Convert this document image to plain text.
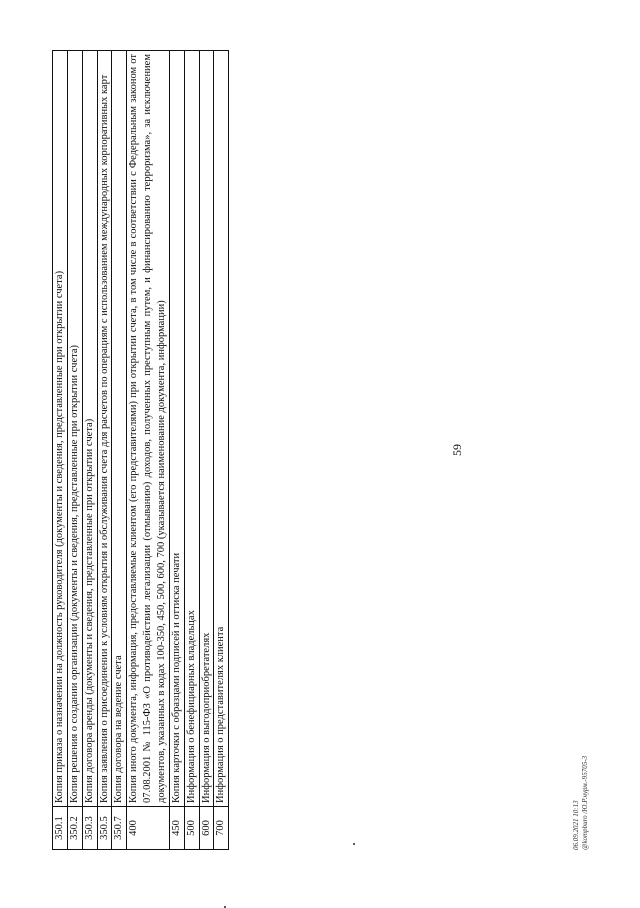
59
350.1	Копия приказа о назначении на должность руководителя (документы и сведения, представленные при открытии счета)
350.2	Копия решения о создании организации (документы и сведения, представленные при открытии счета)
350.3	Копия договора аренды (документы и сведения, представленные при открытии счета)
350.5	Копия заявления о присоединении к условиям открытия и обслуживания счета для расчетов по операциям с использованием международных корпоративных карт
350.7	Копия договора на ведение счета
400	Копия иного документа, информация, предоставляемые клиентом (его представителями) при открытии счета, в том числе в соответствии с Федеральным законом от 07.08.2001 № 115-ФЗ «О противодействии легализации (отмыванию) доходов, полученных преступным путем, и финансированию терроризма», за исключением документов, указанных в кодах 100-350, 450, 500, 600, 700 (указывается наименование документа, информации)
450	Копия карточки с образцами подписей и оттиска печати
500	Информация о бенефициарных владельцах
600	Информация о выгодоприобретателях
700	Информация о представителях клиента
06.09.2021 10:13 @kompburo /Ю.Р.нурм.-95705-3
